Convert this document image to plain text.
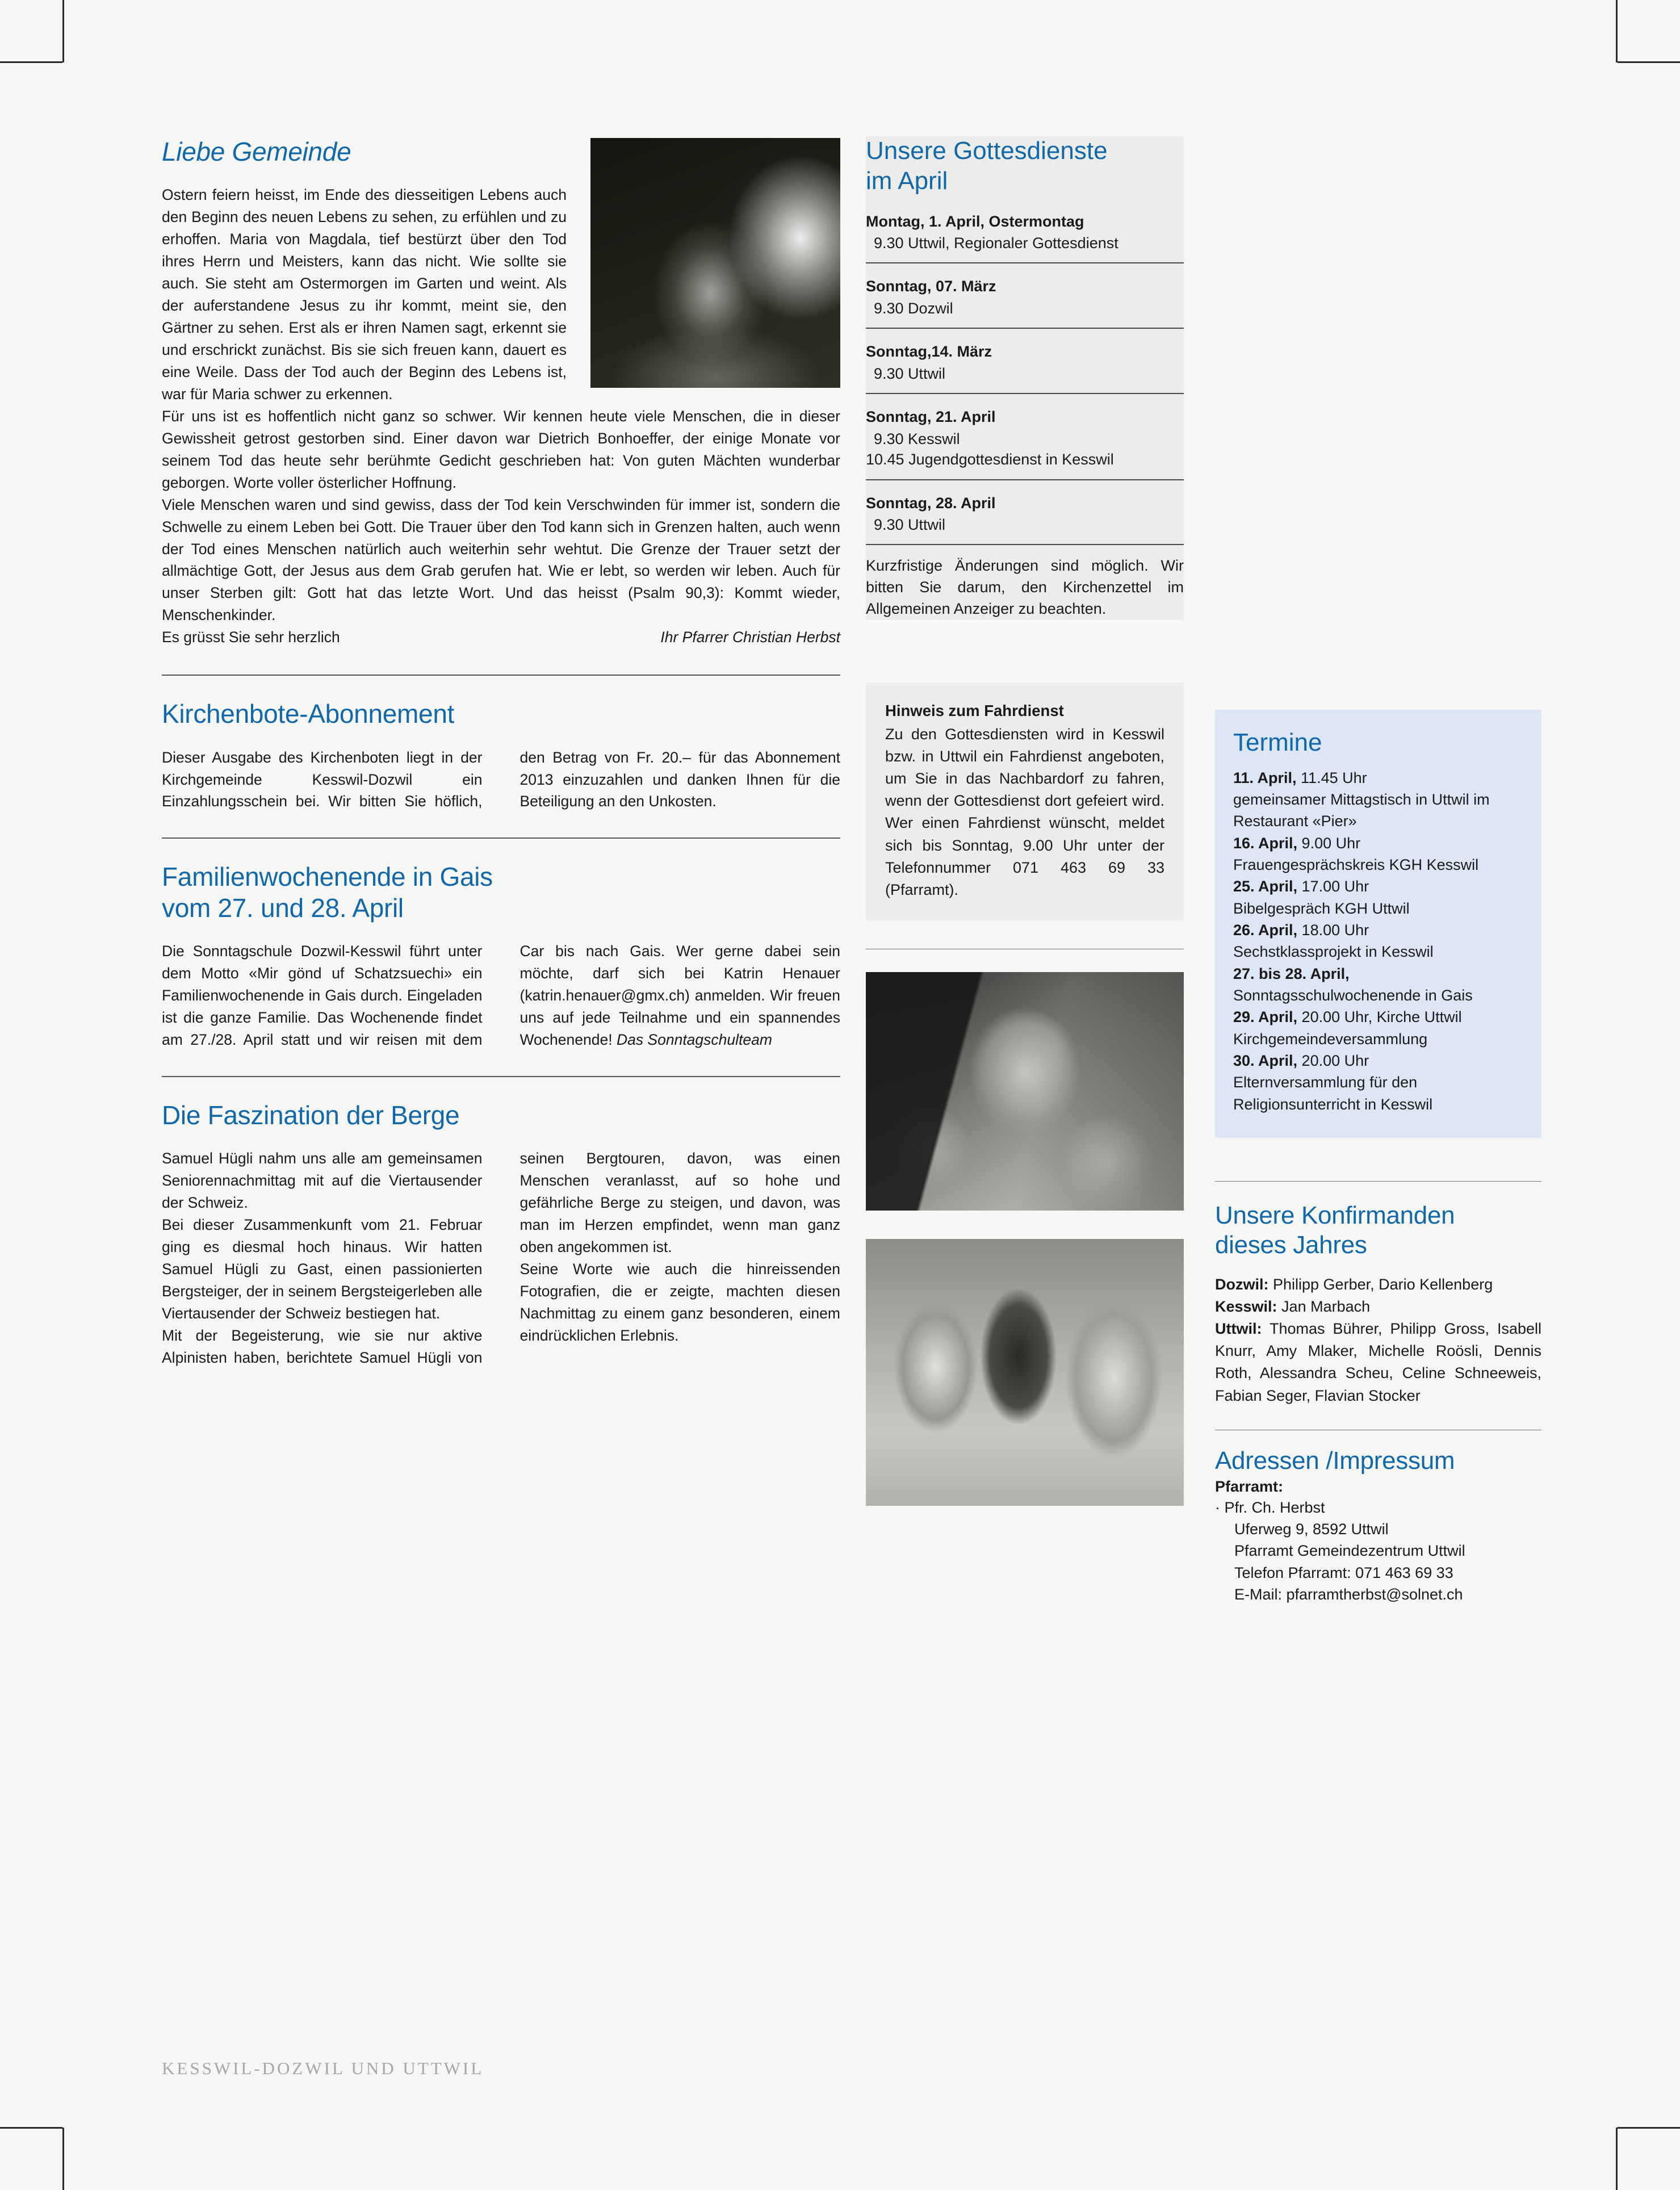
Liebe Gemeinde

Ostern feiern heisst, im Ende des diesseitigen Lebens auch den Beginn des neuen Lebens zu sehen, zu erfühlen und zu erhoffen. Maria von Magdala, tief bestürzt über den Tod ihres Herrn und Meisters, kann das nicht. Wie sollte sie auch. Sie steht am Ostermorgen im Garten und weint. Als der auferstandene Jesus zu ihr kommt, meint sie, den Gärtner zu sehen. Erst als er ihren Namen sagt, erkennt sie und erschrickt zunächst. Bis sie sich freuen kann, dauert es eine Weile. Dass der Tod auch der Beginn des Lebens ist, war für Maria schwer zu erkennen.

Für uns ist es hoffentlich nicht ganz so schwer. Wir kennen heute viele Menschen, die in dieser Gewissheit getrost gestorben sind. Einer davon war Dietrich Bonhoeffer, der einige Monate vor seinem Tod das heute sehr berühmte Gedicht geschrieben hat: Von guten Mächten wunderbar geborgen. Worte voller österlicher Hoffnung.

Viele Menschen waren und sind gewiss, dass der Tod kein Verschwinden für immer ist, sondern die Schwelle zu einem Leben bei Gott. Die Trauer über den Tod kann sich in Grenzen halten, auch wenn der Tod eines Menschen natürlich auch weiterhin sehr wehtut. Die Grenze der Trauer setzt der allmächtige Gott, der Jesus aus dem Grab gerufen hat. Wie er lebt, so werden wir leben. Auch für unser Sterben gilt: Gott hat das letzte Wort. Und das heisst (Psalm 90,3): Kommt wieder, Menschenkinder.

Es grüsst Sie sehr herzlich	Ihr Pfarrer Christian Herbst

Kirchenbote-Abonnement

Dieser Ausgabe des Kirchenboten liegt in der Kirchgemeinde Kesswil-Dozwil ein Einzahlungsschein bei. Wir bitten Sie höflich, den Betrag von Fr. 20.– für das Abonnement 2013 einzuzahlen und danken Ihnen für die Beteiligung an den Unkosten.

Familienwochenende in Gais
vom 27. und 28. April

Die Sonntagschule Dozwil-Kesswil führt unter dem Motto «Mir gönd uf Schatzsuechi» ein Familienwochenende in Gais durch. Eingeladen ist die ganze Familie. Das Wochenende findet am 27./28. April statt und wir reisen mit dem Car bis nach Gais. Wer gerne dabei sein möchte, darf sich bei Katrin Henauer (katrin.henauer@gmx.ch) anmelden. Wir freuen uns auf jede Teilnahme und ein spannendes Wochenende! Das Sonntagschulteam

Die Faszination der Berge

Samuel Hügli nahm uns alle am gemeinsamen Seniorennachmittag mit auf die Viertausender der Schweiz.

Bei dieser Zusammenkunft vom 21. Februar ging es diesmal hoch hinaus. Wir hatten Samuel Hügli zu Gast, einen passionierten Bergsteiger, der in seinem Bergsteigerleben alle Viertausender der Schweiz bestiegen hat.

Mit der Begeisterung, wie sie nur aktive Alpinisten haben, berichtete Samuel Hügli von seinen Bergtouren, davon, was einen Menschen veranlasst, auf so hohe und gefährliche Berge zu steigen, und davon, was man im Herzen empfindet, wenn man ganz oben angekommen ist.

Seine Worte wie auch die hinreissenden Fotografien, die er zeigte, machten diesen Nachmittag zu einem ganz besonderen, einem eindrücklichen Erlebnis.

Unsere Gottesdienste
im April

Montag, 1. April, Ostermontag

9.30 Uttwil, Regionaler Gottesdienst

Sonntag, 07. März

9.30 Dozwil

Sonntag,14. März

9.30 Uttwil

Sonntag, 21. April

9.30 Kesswil

10.45 Jugendgottesdienst in Kesswil

Sonntag, 28. April

9.30 Uttwil

Kurzfristige Änderungen sind möglich. Wir bitten Sie darum, den Kirchenzettel im Allgemeinen Anzeiger zu beachten.

Hinweis zum Fahrdienst

Zu den Gottesdiensten wird in Kesswil bzw. in Uttwil ein Fahrdienst angeboten, um Sie in das Nachbardorf zu fahren, wenn der Gottesdienst dort gefeiert wird. Wer einen Fahrdienst wünscht, meldet sich bis Sonntag, 9.00 Uhr unter der Telefonnummer 071 463 69 33 (Pfarramt).

Termine

11. April, 11.45 Uhr
gemeinsamer Mittagstisch in Uttwil im Restaurant «Pier»

16. April, 9.00 Uhr
Frauengesprächskreis KGH Kesswil

25. April, 17.00 Uhr
Bibelgespräch KGH Uttwil

26. April, 18.00 Uhr
Sechstklassprojekt in Kesswil

27. bis 28. April,
Sonntagsschulwochenende in Gais

29. April, 20.00 Uhr, Kirche Uttwil
Kirchgemeindeversammlung

30. April, 20.00 Uhr
Elternversammlung für den Religionsunterricht in Kesswil

Unsere Konfirmanden
dieses Jahres

Dozwil: Philipp Gerber, Dario Kellenberg

Kesswil: Jan Marbach

Uttwil: Thomas Bührer, Philipp Gross, Isabell Knurr, Amy Mlaker, Michelle Roösli, Dennis Roth, Alessandra Scheu, Celine Schneeweis, Fabian Seger, Flavian Stocker

Adressen /Impressum

Pfarramt:

· Pfr. Ch. Herbst

Uferweg 9, 8592 Uttwil

Pfarramt Gemeindezentrum Uttwil

Telefon Pfarramt: 071 463 69 33

E-Mail: pfarramtherbst@solnet.ch

KESSWIL-DOZWIL UND UTTWIL
